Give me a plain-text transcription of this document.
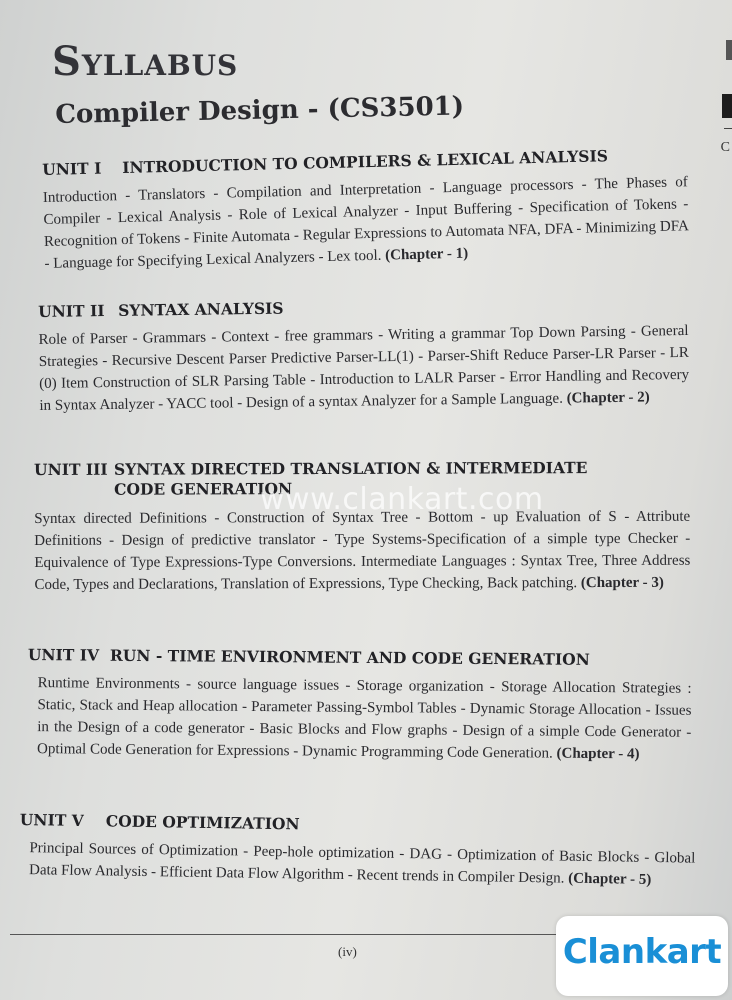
Syllabus
Compiler Design - (CS3501)
UNIT I INTRODUCTION TO COMPILERS & LEXICAL ANALYSIS
Introduction - Translators - Compilation and Interpretation - Language processors - The Phases of Compiler - Lexical Analysis - Role of Lexical Analyzer - Input Buffering - Specification of Tokens - Recognition of Tokens - Finite Automata - Regular Expressions to Automata NFA, DFA - Minimizing DFA - Language for Specifying Lexical Analyzers - Lex tool. (Chapter - 1)
UNIT II SYNTAX ANALYSIS
Role of Parser - Grammars - Context - free grammars - Writing a grammar Top Down Parsing - General Strategies - Recursive Descent Parser Predictive Parser-LL(1) - Parser-Shift Reduce Parser-LR Parser - LR (0) Item Construction of SLR Parsing Table - Introduction to LALR Parser - Error Handling and Recovery in Syntax Analyzer - YACC tool - Design of a syntax Analyzer for a Sample Language. (Chapter - 2)
UNIT III SYNTAX DIRECTED TRANSLATION & INTERMEDIATE CODE GENERATION
Syntax directed Definitions - Construction of Syntax Tree - Bottom - up Evaluation of S - Attribute Definitions - Design of predictive translator - Type Systems-Specification of a simple type Checker - Equivalence of Type Expressions-Type Conversions. Intermediate Languages : Syntax Tree, Three Address Code, Types and Declarations, Translation of Expressions, Type Checking, Back patching. (Chapter - 3)
UNIT IV RUN - TIME ENVIRONMENT AND CODE GENERATION
Runtime Environments - source language issues - Storage organization - Storage Allocation Strategies : Static, Stack and Heap allocation - Parameter Passing-Symbol Tables - Dynamic Storage Allocation - Issues in the Design of a code generator - Basic Blocks and Flow graphs - Design of a simple Code Generator - Optimal Code Generation for Expressions - Dynamic Programming Code Generation. (Chapter - 4)
UNIT V CODE OPTIMIZATION
Principal Sources of Optimization - Peep-hole optimization - DAG - Optimization of Basic Blocks - Global Data Flow Analysis - Efficient Data Flow Algorithm - Recent trends in Compiler Design. (Chapter - 5)
www.clankart.com
(iv)
C
Clankart
